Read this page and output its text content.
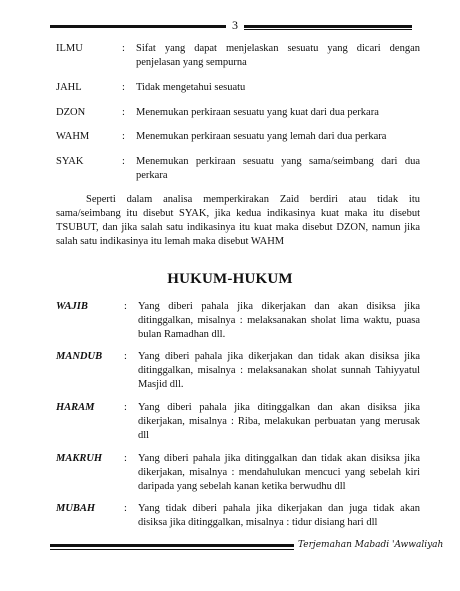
3
ILMU	: Sifat yang dapat menjelaskan sesuatu yang dicari dengan penjelasan yang sempurna
JAHL	: Tidak mengetahui sesuatu
DZON	: Menemukan perkiraan sesuatu yang kuat dari dua perkara
WAHM	: Menemukan perkiraan sesuatu yang lemah dari dua perkara
SYAK	: Menemukan perkiraan sesuatu yang sama/seimbang dari dua perkara
Seperti dalam analisa memperkirakan Zaid berdiri atau tidak itu sama/seimbang itu disebut SYAK, jika kedua indikasinya kuat maka itu disebut TSUBUT, dan jika salah satu indikasinya itu kuat maka disebut DZON, namun jika salah satu indikasinya itu lemah maka disebut WAHM
HUKUM-HUKUM
WAJIB	: Yang diberi pahala jika dikerjakan dan akan disiksa jika ditinggalkan, misalnya : melaksanakan sholat lima waktu, puasa bulan Ramadhan dll.
MANDUB	: Yang diberi pahala jika dikerjakan dan tidak akan disiksa jika ditinggalkan, misalnya : melaksanakan sholat sunnah Tahiyyatul Masjid dll.
HARAM	: Yang diberi pahala jika ditinggalkan dan akan disiksa jika dikerjakan, misalnya : Riba, melakukan perbuatan yang merusak dll
MAKRUH	: Yang diberi pahala jika ditinggalkan dan tidak akan disiksa jika dikerjakan, misalnya : mendahulukan mencuci yang sebelah kiri daripada yang sebelah kanan ketika berwudhu dll
MUBAH	: Yang tidak diberi pahala jika dikerjakan dan juga tidak akan disiksa jika ditinggalkan, misalnya : tidur disiang hari dll
Terjemahan Mabadi 'Awwaliyah
